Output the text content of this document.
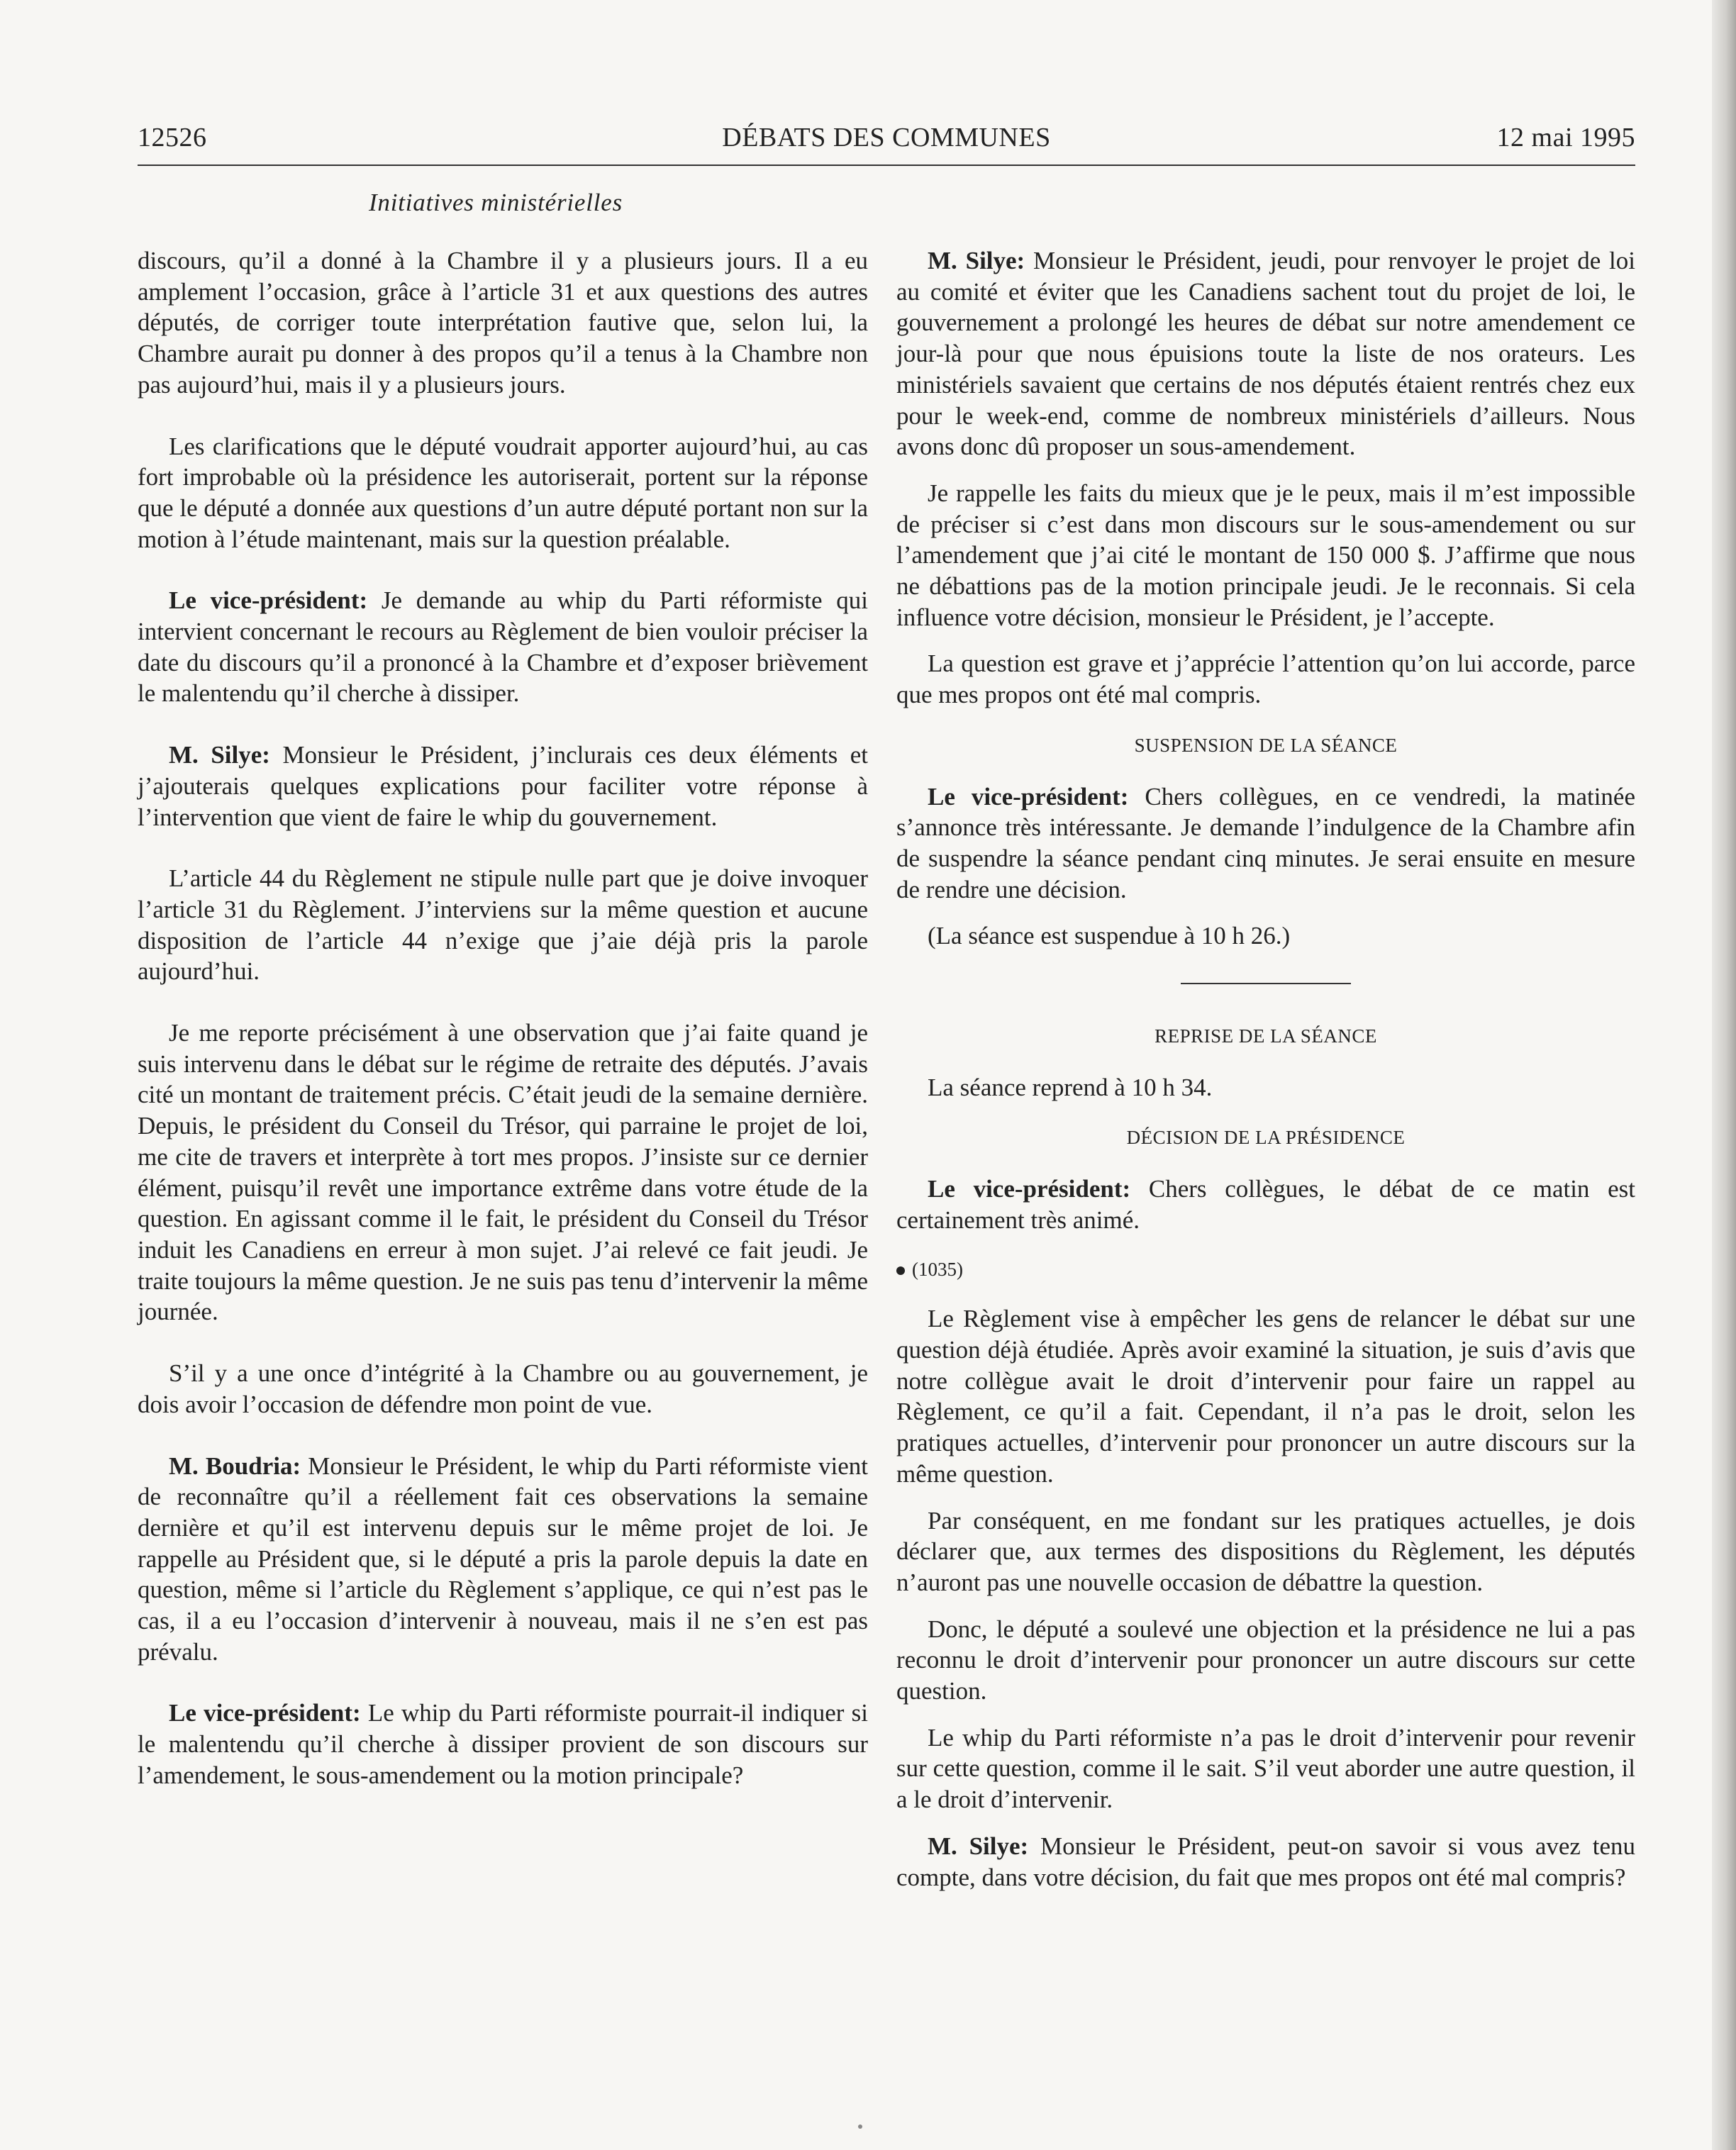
12526	DÉBATS DES COMMUNES	12 mai 1995
Initiatives ministérielles

discours, qu’il a donné à la Chambre il y a plusieurs jours. Il a eu amplement l’occasion, grâce à l’article 31 et aux questions des autres députés, de corriger toute interprétation fautive que, selon lui, la Chambre aurait pu donner à des propos qu’il a tenus à la Chambre non pas aujourd’hui, mais il y a plusieurs jours.

Les clarifications que le député voudrait apporter aujourd’hui, au cas fort improbable où la présidence les autoriserait, portent sur la réponse que le député a donnée aux questions d’un autre député portant non sur la motion à l’étude maintenant, mais sur la question préalable.

Le vice-président: Je demande au whip du Parti réformiste qui intervient concernant le recours au Règlement de bien vouloir préciser la date du discours qu’il a prononcé à la Chambre et d’exposer brièvement le malentendu qu’il cherche à dissiper.

M. Silye: Monsieur le Président, j’inclurais ces deux éléments et j’ajouterais quelques explications pour faciliter votre réponse à l’intervention que vient de faire le whip du gouvernement.

L’article 44 du Règlement ne stipule nulle part que je doive invoquer l’article 31 du Règlement. J’interviens sur la même question et aucune disposition de l’article 44 n’exige que j’aie déjà pris la parole aujourd’hui.

Je me reporte précisément à une observation que j’ai faite quand je suis intervenu dans le débat sur le régime de retraite des députés. J’avais cité un montant de traitement précis. C’était jeudi de la semaine dernière. Depuis, le président du Conseil du Trésor, qui parraine le projet de loi, me cite de travers et interprète à tort mes propos. J’insiste sur ce dernier élément, puisqu’il revêt une importance extrême dans votre étude de la question. En agissant comme il le fait, le président du Conseil du Trésor induit les Canadiens en erreur à mon sujet. J’ai relevé ce fait jeudi. Je traite toujours la même question. Je ne suis pas tenu d’intervenir la même journée.

S’il y a une once d’intégrité à la Chambre ou au gouvernement, je dois avoir l’occasion de défendre mon point de vue.

M. Boudria: Monsieur le Président, le whip du Parti réformiste vient de reconnaître qu’il a réellement fait ces observations la semaine dernière et qu’il est intervenu depuis sur le même projet de loi. Je rappelle au Président que, si le député a pris la parole depuis la date en question, même si l’article du Règlement s’applique, ce qui n’est pas le cas, il a eu l’occasion d’intervenir à nouveau, mais il ne s’en est pas prévalu.

Le vice-président: Le whip du Parti réformiste pourrait-il indiquer si le malentendu qu’il cherche à dissiper provient de son discours sur l’amendement, le sous-amendement ou la motion principale?

M. Silye: Monsieur le Président, jeudi, pour renvoyer le projet de loi au comité et éviter que les Canadiens sachent tout du projet de loi, le gouvernement a prolongé les heures de débat sur notre amendement ce jour-là pour que nous épuisions toute la liste de nos orateurs. Les ministériels savaient que certains de nos députés étaient rentrés chez eux pour le week-end, comme de nombreux ministériels d’ailleurs. Nous avons donc dû proposer un sous-amendement.

Je rappelle les faits du mieux que je le peux, mais il m’est impossible de préciser si c’est dans mon discours sur le sous-amendement ou sur l’amendement que j’ai cité le montant de 150 000 $. J’affirme que nous ne débattions pas de la motion principale jeudi. Je le reconnais. Si cela influence votre décision, monsieur le Président, je l’accepte.

La question est grave et j’apprécie l’attention qu’on lui accorde, parce que mes propos ont été mal compris.

SUSPENSION DE LA SÉANCE

Le vice-président: Chers collègues, en ce vendredi, la matinée s’annonce très intéressante. Je demande l’indulgence de la Chambre afin de suspendre la séance pendant cinq minutes. Je serai ensuite en mesure de rendre une décision.

(La séance est suspendue à 10 h 26.)

REPRISE DE LA SÉANCE

La séance reprend à 10 h 34.

DÉCISION DE LA PRÉSIDENCE

Le vice-président: Chers collègues, le débat de ce matin est certainement très animé.

(1035)

Le Règlement vise à empêcher les gens de relancer le débat sur une question déjà étudiée. Après avoir examiné la situation, je suis d’avis que notre collègue avait le droit d’intervenir pour faire un rappel au Règlement, ce qu’il a fait. Cependant, il n’a pas le droit, selon les pratiques actuelles, d’intervenir pour prononcer un autre discours sur la même question.

Par conséquent, en me fondant sur les pratiques actuelles, je dois déclarer que, aux termes des dispositions du Règlement, les députés n’auront pas une nouvelle occasion de débattre la question.

Donc, le député a soulevé une objection et la présidence ne lui a pas reconnu le droit d’intervenir pour prononcer un autre discours sur cette question.

Le whip du Parti réformiste n’a pas le droit d’intervenir pour revenir sur cette question, comme il le sait. S’il veut aborder une autre question, il a le droit d’intervenir.

M. Silye: Monsieur le Président, peut-on savoir si vous avez tenu compte, dans votre décision, du fait que mes propos ont été mal compris?
